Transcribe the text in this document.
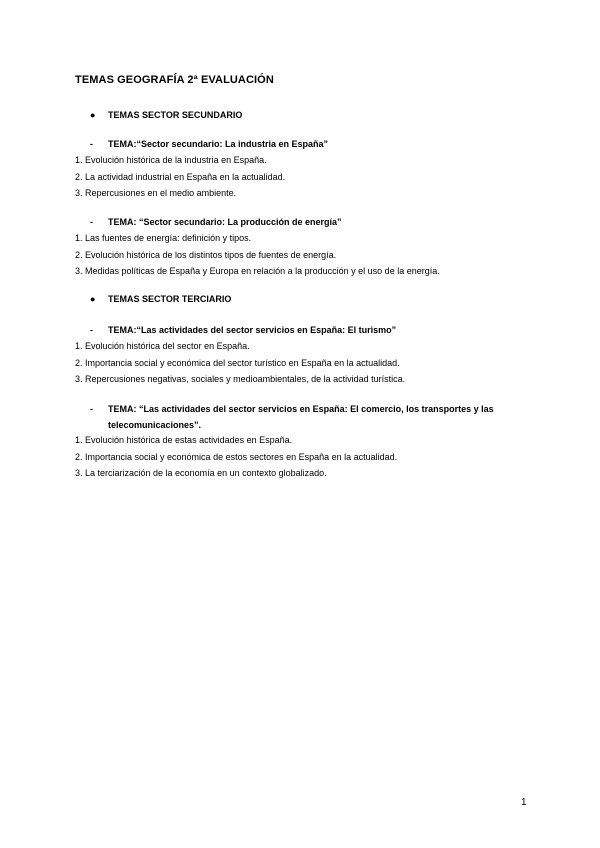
TEMAS GEOGRAFÍA 2ª EVALUACIÓN
● TEMAS SECTOR SECUNDARIO
- TEMA:“Sector secundario: La industria en España”
1. Evolución histórica de la industria en España.
2. La actividad industrial en España en la actualidad.
3. Repercusiones en el medio ambiente.
- TEMA: “Sector secundario: La producción de energía”
1. Las fuentes de energía: definición y tipos.
2. Evolución histórica de los distintos tipos de fuentes de energía.
3. Medidas políticas de España y Europa en relación a la producción y el uso de la energía.
● TEMAS SECTOR TERCIARIO
- TEMA:“Las actividades del sector servicios en España: El turismo”
1. Evolución histórica del sector en España.
2. Importancia social y económica del sector turístico en España en la actualidad.
3. Repercusiones negativas, sociales y medioambientales, de la actividad turística.
- TEMA: “Las actividades del sector servicios en España: El comercio, los transportes y las
telecomunicaciones”.
1. Evolución histórica de estas actividades en España.
2. Importancia social y económica de estos sectores en España en la actualidad.
3. La terciarización de la economía en un contexto globalizado.
1
